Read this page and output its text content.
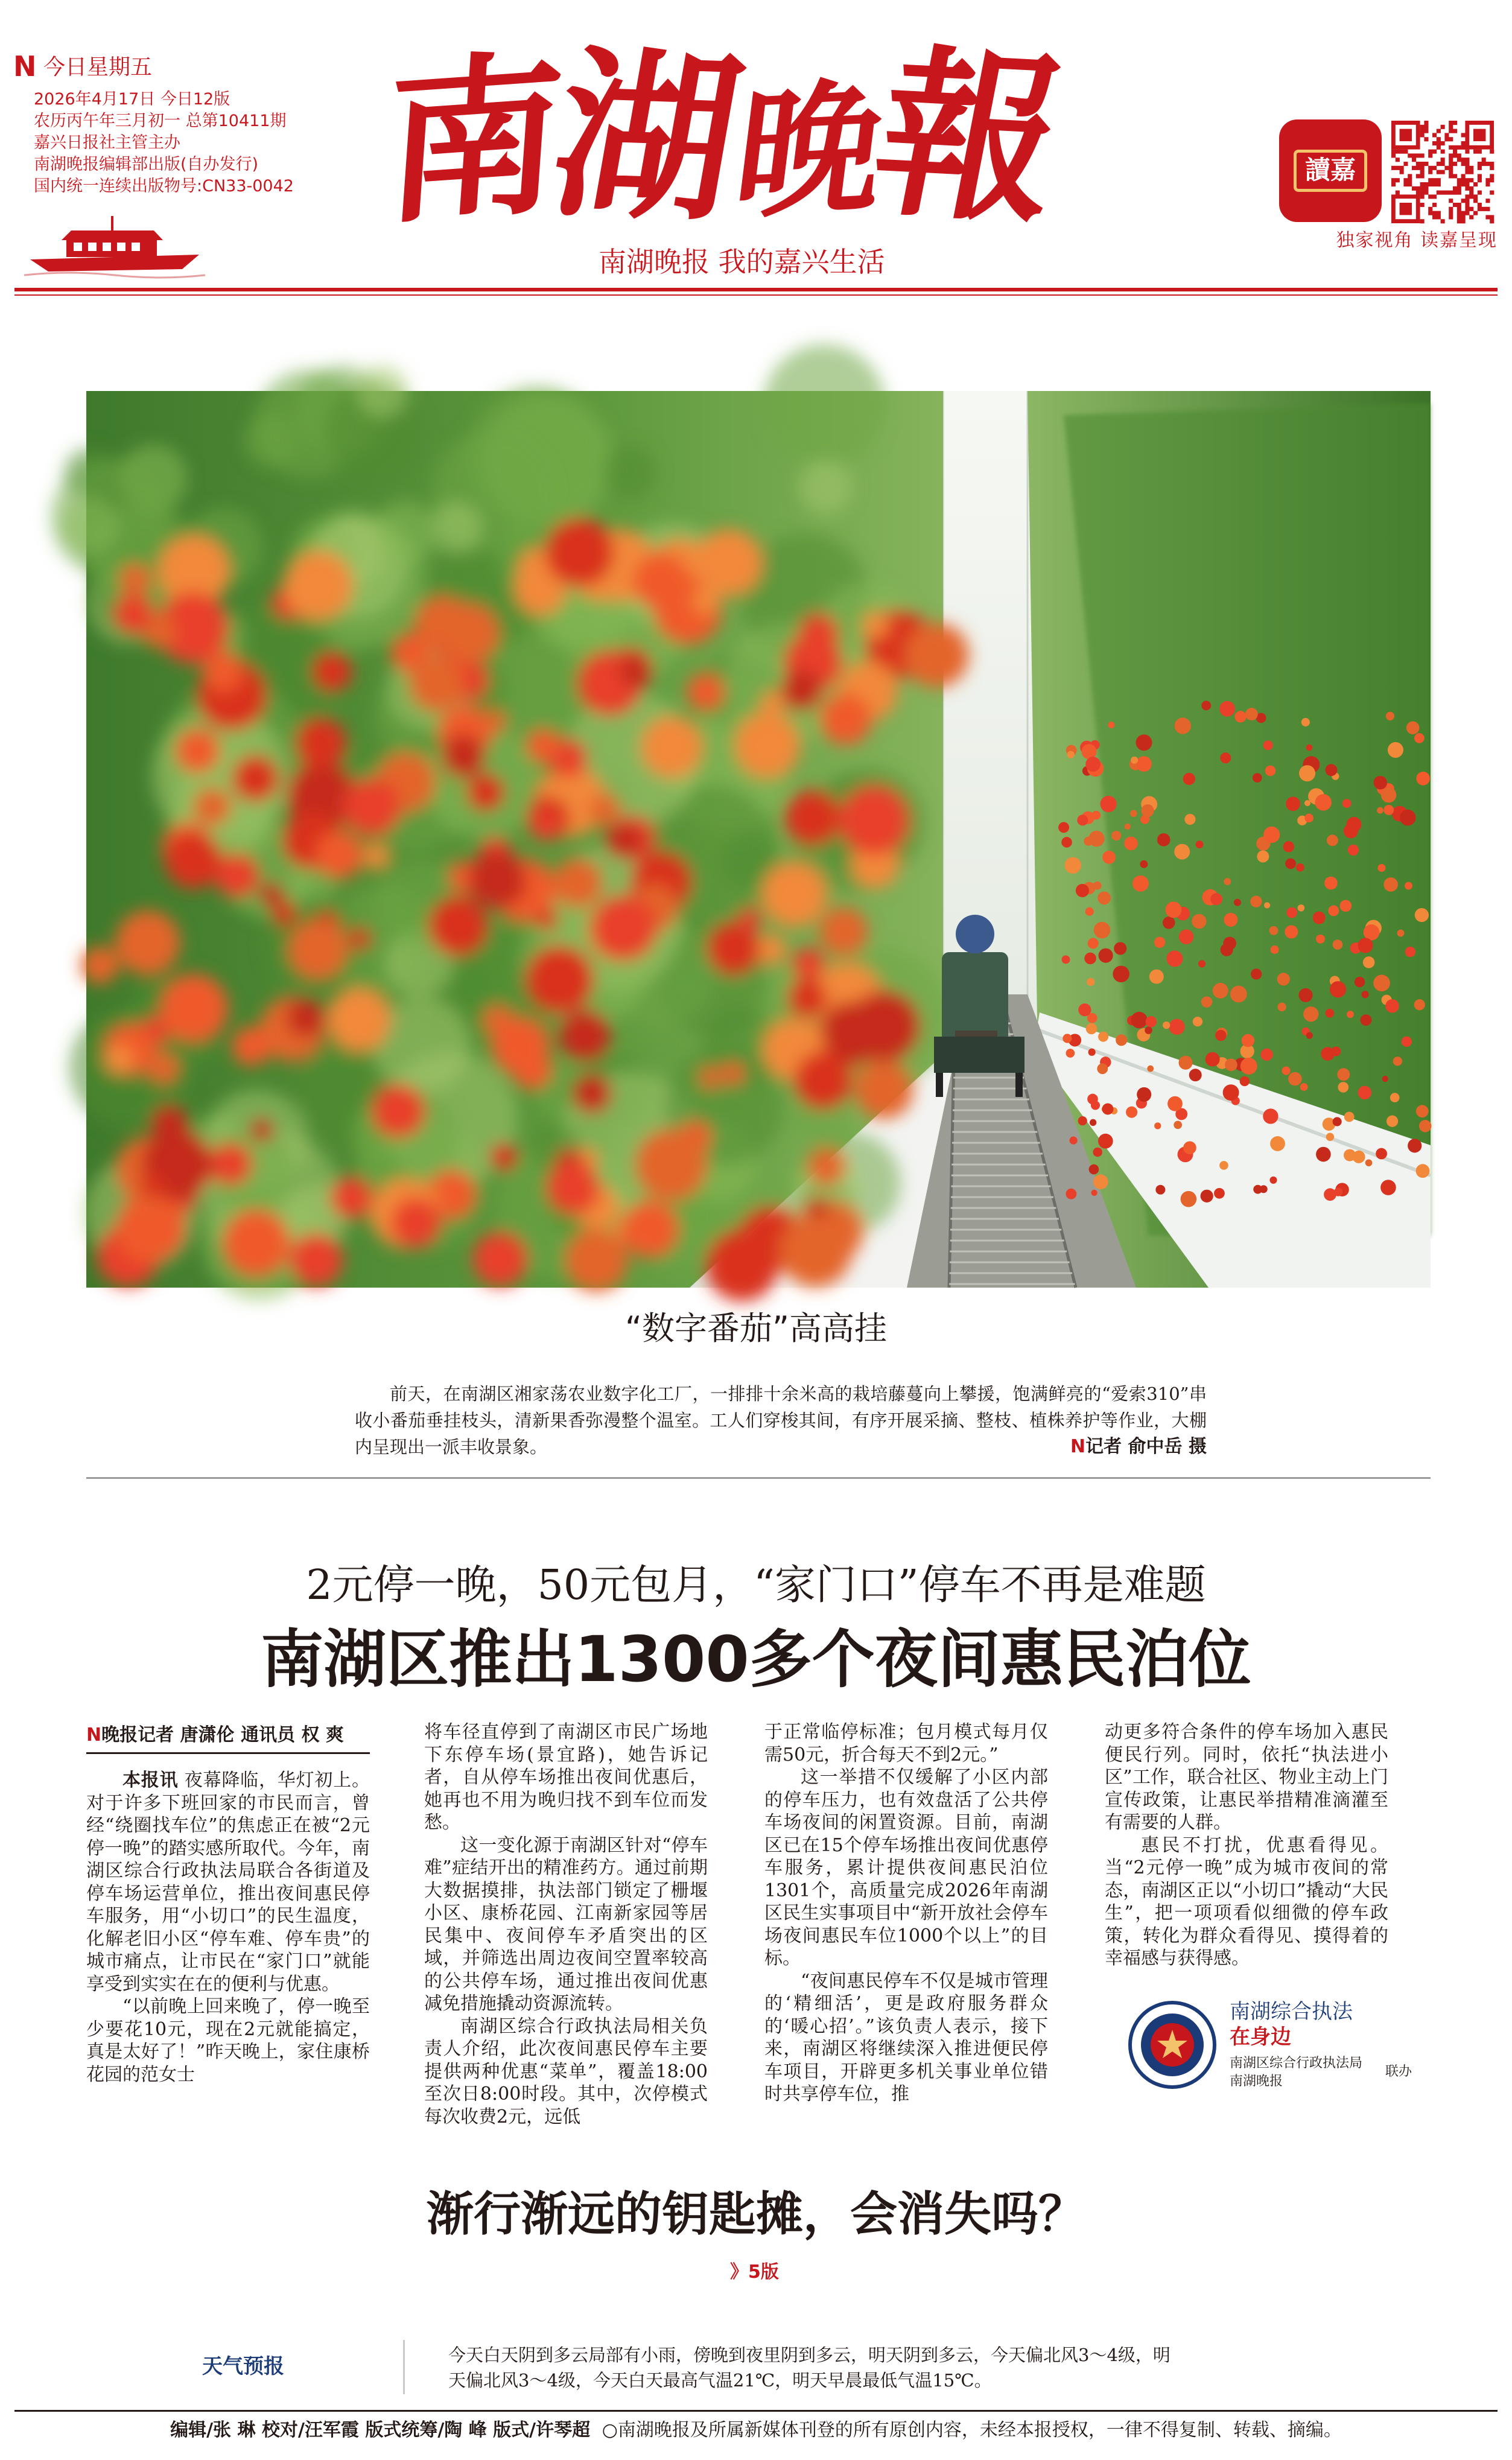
N 今日星期五
2026年4月17日 今日12版
农历丙午年三月初一 总第10411期
嘉兴日报社主管主办
南湖晚报编辑部出版(自办发行)
国内统一连续出版物号:CN33-0042 南湖晚報
南湖晚报 我的嘉兴生活
讀嘉
独家视角 读嘉呈现
“数字番茄”高高挂
前天，在南湖区湘家荡农业数字化工厂，一排排十余米高的栽培藤蔓向上攀援，饱满鲜亮的“爱索310”串收小番茄垂挂枝头，清新果香弥漫整个温室。工人们穿梭其间，有序开展采摘、整枝、植株养护等作业，大棚内呈现出一派丰收景象。	N记者 俞中岳 摄
2元停一晚，50元包月，“家门口”停车不再是难题
南湖区推出1300多个夜间惠民泊位
N晚报记者 唐潇伦 通讯员 权 爽

本报讯 夜幕降临，华灯初上。对于许多下班回家的市民而言，曾经“绕圈找车位”的焦虑正在被“2元停一晚”的踏实感所取代。今年，南湖区综合行政执法局联合各街道及停车场运营单位，推出夜间惠民停车服务，用“小切口”的民生温度，化解老旧小区“停车难、停车贵”的城市痛点，让市民在“家门口”就能享受到实实在在的便利与优惠。

“以前晚上回来晚了，停一晚至少要花10元，现在2元就能搞定，真是太好了！”昨天晚上，家住康桥花园的范女士

将车径直停到了南湖区市民广场地下东停车场(景宜路)，她告诉记者，自从停车场推出夜间优惠后，她再也不用为晚归找不到车位而发愁。

这一变化源于南湖区针对“停车难”症结开出的精准药方。通过前期大数据摸排，执法部门锁定了栅堰小区、康桥花园、江南新家园等居民集中、夜间停车矛盾突出的区域，并筛选出周边夜间空置率较高的公共停车场，通过推出夜间优惠减免措施撬动资源流转。

南湖区综合行政执法局相关负责人介绍，此次夜间惠民停车主要提供两种优惠“菜单”，覆盖18:00至次日8:00时段。其中，次停模式每次收费2元，远低

于正常临停标准；包月模式每月仅需50元，折合每天不到2元。”

这一举措不仅缓解了小区内部的停车压力，也有效盘活了公共停车场夜间的闲置资源。目前，南湖区已在15个停车场推出夜间优惠停车服务，累计提供夜间惠民泊位1301个，高质量完成2026年南湖区民生实事项目中“新开放社会停车场夜间惠民车位1000个以上”的目标。

“夜间惠民停车不仅是城市管理的‘精细活’，更是政府服务群众的‘暖心招’。”该负责人表示，接下来，南湖区将继续深入推进便民停车项目，开辟更多机关事业单位错时共享停车位，推

动更多符合条件的停车场加入惠民便民行列。同时，依托“执法进小区”工作，联合社区、物业主动上门宣传政策，让惠民举措精准滴灌至有需要的人群。

惠民不打扰，优惠看得见。当“2元停一晚”成为城市夜间的常态，南湖区正以“小切口”撬动“大民生”，把一项项看似细微的停车政策，转化为群众看得见、摸得着的幸福感与获得感。

南湖综合执法
在身边
南湖区综合行政执法局
南湖晚报
联办
渐行渐远的钥匙摊，会消失吗？
》5版
天气预报	今天白天阴到多云局部有小雨，傍晚到夜里阴到多云，明天阴到多云，今天偏北风3～4级，明
天偏北风3～4级，今天白天最高气温21℃，明天早晨最低气温15℃。
编辑/张 琳 校对/汪军霞 版式统筹/陶 峰 版式/许琴超 ○南湖晚报及所属新媒体刊登的所有原创内容，未经本报授权，一律不得复制、转载、摘编。
